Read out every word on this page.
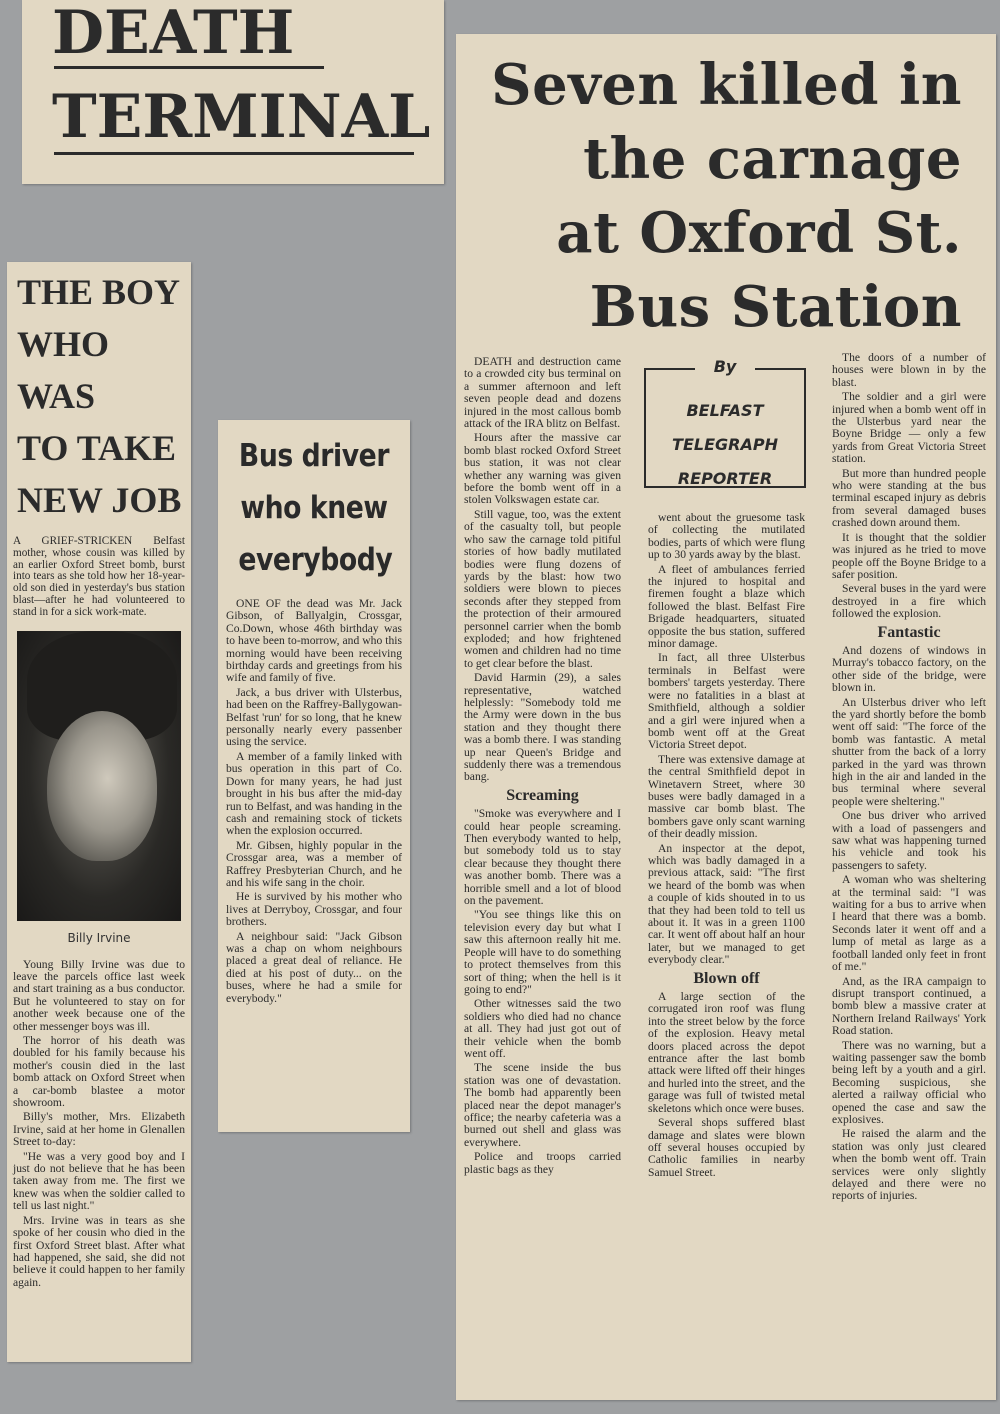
DEATH
TERMINAL
THE BOY
WHO WAS
TO TAKE
NEW JOB

A GRIEF-STRICKEN Belfast mother, whose cousin was killed by an earlier Oxford Street bomb, burst into tears as she told how her 18-year-old son died in yesterday's bus station blast—after he had volunteered to stand in for a sick work-mate.

Billy Irvine

Young Billy Irvine was due to leave the parcels office last week and start training as a bus conductor. But he volunteered to stay on for another week because one of the other messenger boys was ill.

The horror of his death was doubled for his family because his mother's cousin died in the last bomb attack on Oxford Street when a car-bomb blastee a motor showroom.

Billy's mother, Mrs. Elizabeth Irvine, said at her home in Glenallen Street to-day:

"He was a very good boy and I just do not believe that he has been taken away from me. The first we knew was when the soldier called to tell us last night."

Mrs. Irvine was in tears as she spoke of her cousin who died in the first Oxford Street blast. After what had happened, she said, she did not believe it could happen to her family again.

Bus driver
who knew
everybody

ONE OF the dead was Mr. Jack Gibson, of Ballyalgin, Crossgar, Co.Down, whose 46th birthday was to have been to-morrow, and who this morning would have been receiving birthday cards and greetings from his wife and family of five.

Jack, a bus driver with Ulsterbus, had been on the Raffrey-Ballygowan-Belfast 'run' for so long, that he knew personally nearly every passenber using the service.

A member of a family linked with bus operation in this part of Co. Down for many years, he had just brought in his bus after the mid-day run to Belfast, and was handing in the cash and remaining stock of tickets when the explosion occurred.

Mr. Gibsen, highly popular in the Crossgar area, was a member of Raffrey Presbyterian Church, and he and his wife sang in the choir.

He is survived by his mother who lives at Derryboy, Crossgar, and four brothers.

A neighbour said: "Jack Gibson was a chap on whom neighbours placed a great deal of reliance. He died at his post of duty... on the buses, where he had a smile for everybody."

Seven killed in
the carnage
at Oxford St.
Bus Station
By
BELFAST
TELEGRAPH
REPORTER

DEATH and destruction came to a crowded city bus terminal on a summer afternoon and left seven people dead and dozens injured in the most callous bomb attack of the IRA blitz on Belfast.

Hours after the massive car bomb blast rocked Oxford Street bus station, it was not clear whether any warning was given before the bomb went off in a stolen Volkswagen estate car.

Still vague, too, was the extent of the casualty toll, but people who saw the carnage told pitiful stories of how badly mutilated bodies were flung dozens of yards by the blast: how two soldiers were blown to pieces seconds after they stepped from the protection of their armoured personnel carrier when the bomb exploded; and how frightened women and children had no time to get clear before the blast.

David Harmin (29), a sales representative, watched helplessly: "Somebody told me the Army were down in the bus station and they thought there was a bomb there. I was standing up near Queen's Bridge and suddenly there was a tremendous bang.

Screaming

"Smoke was everywhere and I could hear people screaming. Then everybody wanted to help, but somebody told us to stay clear because they thought there was another bomb. There was a horrible smell and a lot of blood on the pavement.

"You see things like this on television every day but what I saw this afternoon really hit me. People will have to do something to protect themselves from this sort of thing; when the hell is it going to end?"

Other witnesses said the two soldiers who died had no chance at all. They had just got out of their vehicle when the bomb went off.

The scene inside the bus station was one of devastation. The bomb had apparently been placed near the depot manager's office; the nearby cafeteria was a burned out shell and glass was everywhere.

Police and troops carried plastic bags as they

went about the gruesome task of collecting the mutilated bodies, parts of which were flung up to 30 yards away by the blast.

A fleet of ambulances ferried the injured to hospital and firemen fought a blaze which followed the blast. Belfast Fire Brigade headquarters, situated opposite the bus station, suffered minor damage.

In fact, all three Ulsterbus terminals in Belfast were bombers' targets yesterday. There were no fatalities in a blast at Smithfield, although a soldier and a girl were injured when a bomb went off at the Great Victoria Street depot.

There was extensive damage at the central Smithfield depot in Winetavern Street, where 30 buses were badly damaged in a massive car bomb blast. The bombers gave only scant warning of their deadly mission.

An inspector at the depot, which was badly damaged in a previous attack, said: "The first we heard of the bomb was when a couple of kids shouted in to us that they had been told to tell us about it. It was in a green 1100 car. It went off about half an hour later, but we managed to get everybody clear."

Blown off

A large section of the corrugated iron roof was flung into the street below by the force of the explosion. Heavy metal doors placed across the depot entrance after the last bomb attack were lifted off their hinges and hurled into the street, and the garage was full of twisted metal skeletons which once were buses.

Several shops suffered blast damage and slates were blown off several houses occupied by Catholic families in nearby Samuel Street.

The doors of a number of houses were blown in by the blast.

The soldier and a girl were injured when a bomb went off in the Ulsterbus yard near the Boyne Bridge — only a few yards from Great Victoria Street station.

But more than hundred people who were standing at the bus terminal escaped injury as debris from several damaged buses crashed down around them.

It is thought that the soldier was injured as he tried to move people off the Boyne Bridge to a safer position.

Several buses in the yard were destroyed in a fire which followed the explosion.

Fantastic

And dozens of windows in Murray's tobacco factory, on the other side of the bridge, were blown in.

An Ulsterbus driver who left the yard shortly before the bomb went off said: "The force of the bomb was fantastic. A metal shutter from the back of a lorry parked in the yard was thrown high in the air and landed in the bus terminal where several people were sheltering."

One bus driver who arrived with a load of passengers and saw what was happening turned his vehicle and took his passengers to safety.

A woman who was sheltering at the terminal said: "I was waiting for a bus to arrive when I heard that there was a bomb. Seconds later it went off and a lump of metal as large as a football landed only feet in front of me."

And, as the IRA campaign to disrupt transport continued, a bomb blew a massive crater at Northern Ireland Railways' York Road station.

There was no warning, but a waiting passenger saw the bomb being left by a youth and a girl. Becoming suspicious, she alerted a railway official who opened the case and saw the explosives.

He raised the alarm and the station was only just cleared when the bomb went off. Train services were only slightly delayed and there were no reports of injuries.
